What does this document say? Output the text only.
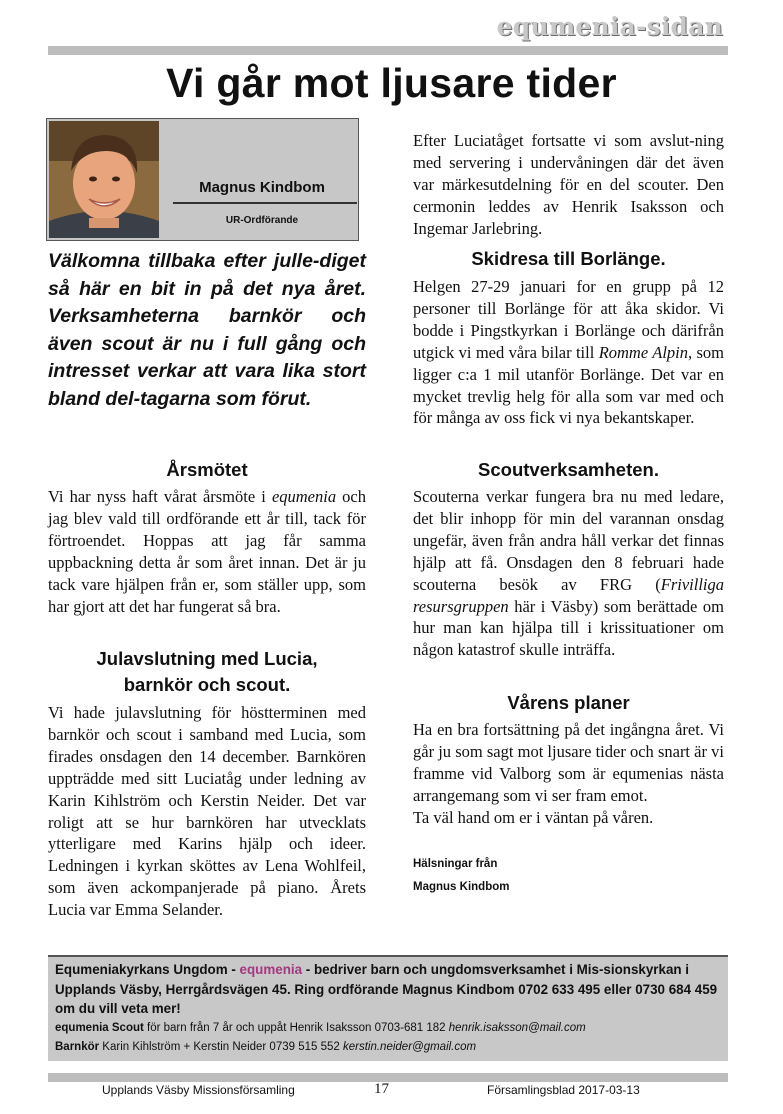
equmenia-sidan
Vi går mot ljusare tider
Magnus Kindbom
UR-Ordförande
Välkomna tillbaka efter julle-diget så här en bit in på det nya året. Verksamheterna barnkör och även scout är nu i full gång och intresset verkar att vara lika stort bland del-tagarna som förut.
Årsmötet
Vi har nyss haft vårat årsmöte i equmenia och jag blev vald till ordförande ett år till, tack för förtroendet. Hoppas att jag får samma uppbackning detta år som året innan. Det är ju tack vare hjälpen från er, som ställer upp, som har gjort att det har fungerat så bra.
Julavslutning med Lucia,
barnkör och scout.
Vi hade julavslutning för höstterminen med barnkör och scout i samband med Lucia, som firades onsdagen den 14 december. Barnkören uppträdde med sitt Luciatåg under ledning av Karin Kihlström och Kerstin Neider. Det var roligt att se hur barnkören har utvecklats ytterligare med Karins hjälp och ideer. Ledningen i kyrkan sköttes av Lena Wohlfeil, som även ackompanjerade på piano. Årets Lucia var Emma Selander.
Efter Luciatåget fortsatte vi som avslut-ning med servering i undervåningen där det även var märkesutdelning för en del scouter. Den cermonin leddes av Henrik Isaksson och Ingemar Jarlebring.
Skidresa till Borlänge.
Helgen 27-29 januari for en grupp på 12 personer till Borlänge för att åka skidor. Vi bodde i Pingstkyrkan i Borlänge och därifrån utgick vi med våra bilar till Romme Alpin, som ligger c:a 1 mil utanför Borlänge. Det var en mycket trevlig helg för alla som var med och för många av oss fick vi nya bekantskaper.
Scoutverksamheten.
Scouterna verkar fungera bra nu med ledare, det blir inhopp för min del varannan onsdag ungefär, även från andra håll verkar det finnas hjälp att få. Onsdagen den 8 februari hade scouterna besök av FRG (Frivilliga resursgruppen här i Väsby) som berättade om hur man kan hjälpa till i krissituationer om någon katastrof skulle inträffa.
Vårens planer

Ha en bra fortsättning på det ingångna året. Vi går ju som sagt mot ljusare tider och snart är vi framme vid Valborg som är equmenias nästa arrangemang som vi ser fram emot.

Ta väl hand om er i väntan på våren.

Hälsningar från
Magnus Kindbom
Equmeniakyrkans Ungdom - equmenia - bedriver barn och ungdomsverksamhet i Mis-sionskyrkan i Upplands Väsby, Herrgårdsvägen 45. Ring ordförande Magnus Kindbom 0702 633 495 eller 0730 684 459 om du vill veta mer!
equmenia Scout för barn från 7 år och uppåt Henrik Isaksson 0703-681 182 henrik.isaksson@mail.com
Barnkör Karin Kihlström + Kerstin Neider 0739 515 552 kerstin.neider@gmail.com
Upplands Väsby Missionsförsamling	17	Församlingsblad 2017-03-13
